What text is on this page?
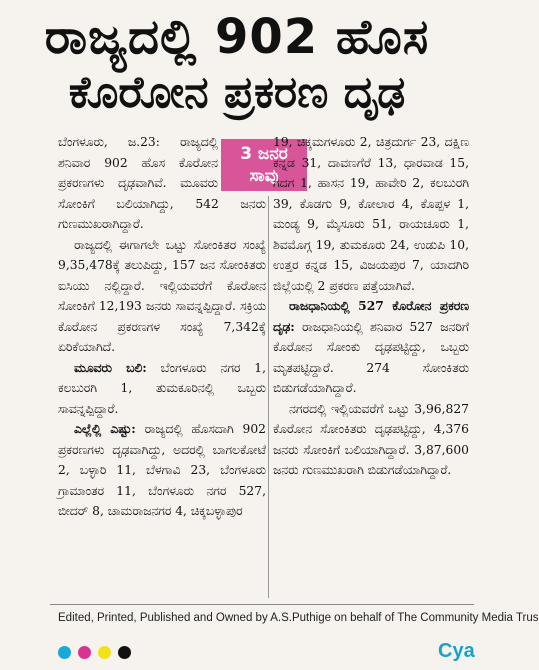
ರಾಜ್ಯದಲ್ಲಿ 902 ಹೊಸ
ಕೊರೋನ ಪ್ರಕರಣ ದೃಢ

ಬೆಂಗಳೂರು, ಜ.23: ರಾಜ್ಯದಲ್ಲಿ ಶನಿವಾರ 902 ಹೊಸ ಕೊರೋನ ಪ್ರಕರಣಗಳು ದೃಢವಾಗಿವೆ. ಮೂವರು ಸೋಂಕಿಗೆ ಬಲಿಯಾಗಿದ್ದು, 542 ಜನರು ಗುಣಮುಖರಾಗಿದ್ದಾರೆ.

ರಾಜ್ಯದಲ್ಲಿ ಈಗಾಗಲೇ ಒಟ್ಟು ಸೋಂಕಿತರ ಸಂಖ್ಯೆ 9,35,478ಕ್ಕೆ ತಲುಪಿದ್ದು, 157 ಜನ ಸೋಂಕಿತರು ಐಸಿಯು ನಲ್ಲಿದ್ದಾರೆ. ಇಲ್ಲಿಯವರೆಗೆ ಕೊರೋನ ಸೋಂಕಿಗೆ 12,193 ಜನರು ಸಾವನ್ನಪ್ಪಿದ್ದಾರೆ. ಸಕ್ರಿಯ ಕೊರೋನ ಪ್ರಕರಣಗಳ ಸಂಖ್ಯೆ 7,342ಕ್ಕೆ ಏರಿಕೆಯಾಗಿದೆ.

ಮೂವರು ಬಲಿ: ಬೆಂಗಳೂರು ನಗರ 1, ಕಲಬುರಗಿ 1, ತುಮಕೂರಿನಲ್ಲಿ ಒಬ್ಬರು ಸಾವನ್ನಪ್ಪಿದ್ದಾರೆ.

ಎಲ್ಲೆಲ್ಲಿ ಎಷ್ಟು: ರಾಜ್ಯದಲ್ಲಿ ಹೊಸದಾಗಿ 902 ಪ್ರಕರಣಗಳು ದೃಢವಾಗಿದ್ದು, ಅದರಲ್ಲಿ ಬಾಗಲಕೋಟೆ 2, ಬಳ್ಳಾರಿ 11, ಬೆಳಗಾವಿ 23, ಬೆಂಗಳೂರು ಗ್ರಾಮಾಂತರ 11, ಬೆಂಗಳೂರು ನಗರ 527, ಬೀದರ್ 8, ಚಾಮರಾಜನಗರ 4, ಚಿಕ್ಕಬಳ್ಳಾಪುರ

3 ಜನರ
ಸಾವು

19, ಚಿಕ್ಕಮಗಳೂರು 2, ಚಿತ್ರದುರ್ಗ 23, ದಕ್ಷಿಣ ಕನ್ನಡ 31, ದಾವಣಗೆರೆ 13, ಧಾರವಾಡ 15, ಗದಗ 1, ಹಾಸನ 19, ಹಾವೇರಿ 2, ಕಲಬುರಗಿ 39, ಕೊಡಗು 9, ಕೋಲಾರ 4, ಕೊಪ್ಪಳ 1, ಮಂಡ್ಯ 9, ಮೈಸೂರು 51, ರಾಯಚೂರು 1, ಶಿವಮೊಗ್ಗ 19, ತುಮಕೂರು 24, ಉಡುಪಿ 10, ಉತ್ತರ ಕನ್ನಡ 15, ವಿಜಯಪುರ 7, ಯಾದಗಿರಿ ಜಿಲ್ಲೆಯಲ್ಲಿ 2 ಪ್ರಕರಣ ಪತ್ತೆಯಾಗಿವೆ.

ರಾಜಧಾನಿಯಲ್ಲಿ 527 ಕೊರೋನ ಪ್ರಕರಣ ದೃಢ: ರಾಜಧಾನಿಯಲ್ಲಿ ಶನಿವಾರ 527 ಜನರಿಗೆ ಕೊರೋನ ಸೋಂಕು ದೃಢಪಟ್ಟಿದ್ದು, ಒಬ್ಬರು ಮೃತಪಟ್ಟಿದ್ದಾರೆ. 274 ಸೋಂಕಿತರು ಬಿಡುಗಡೆಯಾಗಿದ್ದಾರೆ.

ನಗರದಲ್ಲಿ ಇಲ್ಲಿಯವರೆಗೆ ಒಟ್ಟು 3,96,827 ಕೊರೋನ ಸೋಂಕಿತರು ದೃಢಪಟ್ಟಿದ್ದು, 4,376 ಜನರು ಸೋಂಕಿಗೆ ಬಲಿಯಾಗಿದ್ದಾರೆ. 3,87,600 ಜನರು ಗುಣಮುಖರಾಗಿ ಬಿಡುಗಡೆಯಾಗಿದ್ದಾರೆ.

Edited, Printed, Published and Owned by A.S.Puthige on behalf of The Community Media Trus
Cya
